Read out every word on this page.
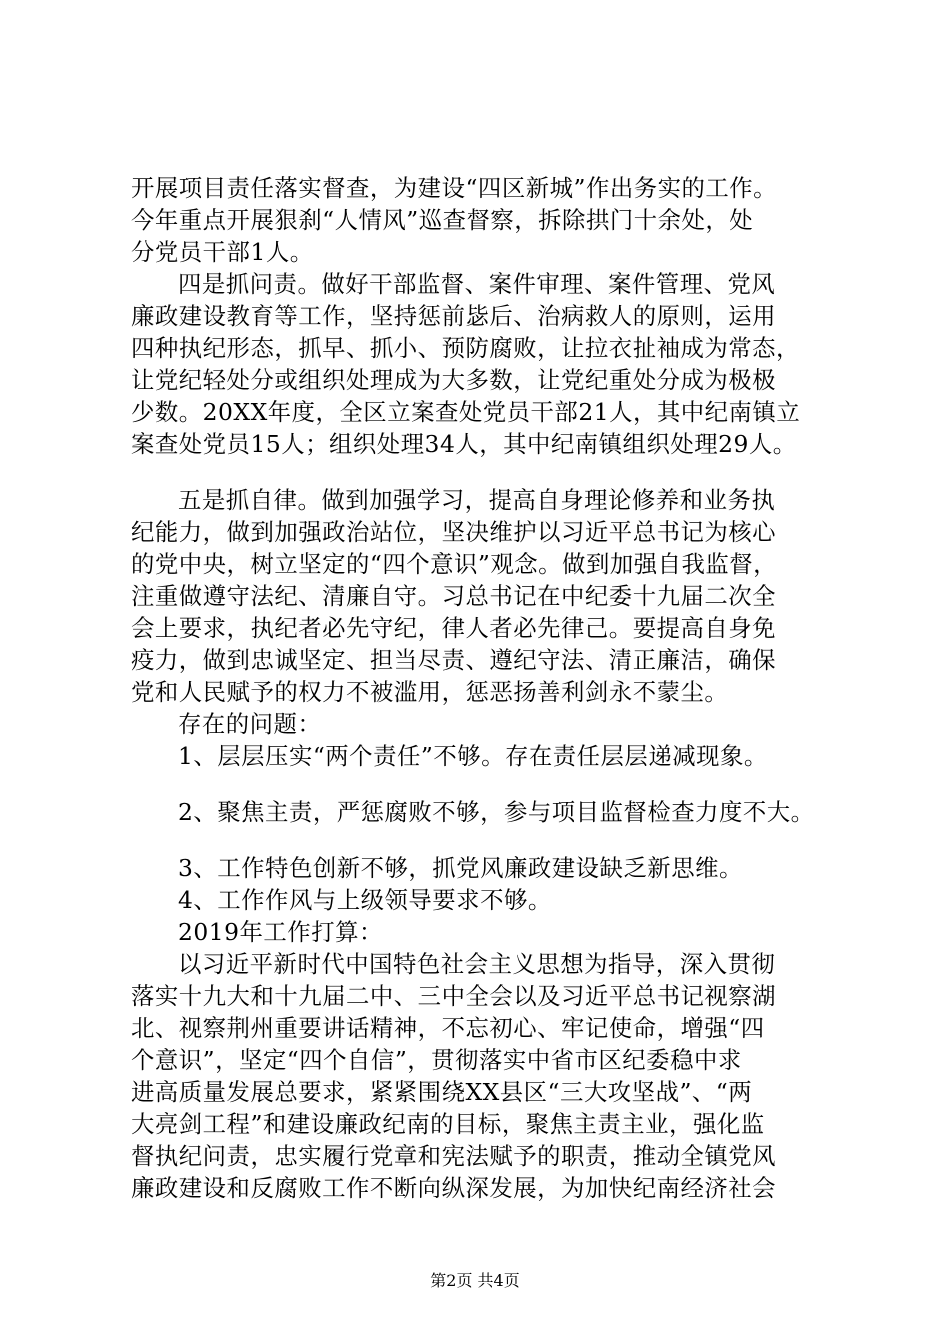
开展项目责任落实督查，为建设“四区新城”作出务实的工作。
今年重点开展狠刹“人情风”巡查督察，拆除拱门十余处，处
分党员干部1人。
四是抓问责。做好干部监督、案件审理、案件管理、党风
廉政建设教育等工作，坚持惩前毖后、治病救人的原则，运用
四种执纪形态，抓早、抓小、预防腐败，让拉衣扯袖成为常态，
让党纪轻处分或组织处理成为大多数，让党纪重处分成为极极
少数。20XX年度，全区立案查处党员干部21人，其中纪南镇立
案查处党员15人；组织处理34人，其中纪南镇组织处理29人。
五是抓自律。做到加强学习，提高自身理论修养和业务执
纪能力，做到加强政治站位，坚决维护以习近平总书记为核心
的党中央，树立坚定的“四个意识”观念。做到加强自我监督，
注重做遵守法纪、清廉自守。习总书记在中纪委十九届二次全
会上要求，执纪者必先守纪，律人者必先律己。要提高自身免
疫力，做到忠诚坚定、担当尽责、遵纪守法、清正廉洁，确保
党和人民赋予的权力不被滥用，惩恶扬善利剑永不蒙尘。
存在的问题：
1、层层压实“两个责任”不够。存在责任层层递减现象。
2、聚焦主责，严惩腐败不够，参与项目监督检查力度不大。
3、工作特色创新不够，抓党风廉政建设缺乏新思维。
4、工作作风与上级领导要求不够。
2019年工作打算：
以习近平新时代中国特色社会主义思想为指导，深入贯彻
落实十九大和十九届二中、三中全会以及习近平总书记视察湖
北、视察荆州重要讲话精神，不忘初心、牢记使命，增强“四
个意识”，坚定“四个自信”，贯彻落实中省市区纪委稳中求
进高质量发展总要求，紧紧围绕XX县区“三大攻坚战”、“两
大亮剑工程”和建设廉政纪南的目标，聚焦主责主业，强化监
督执纪问责，忠实履行党章和宪法赋予的职责，推动全镇党风
廉政建设和反腐败工作不断向纵深发展，为加快纪南经济社会
第2页 共4页
